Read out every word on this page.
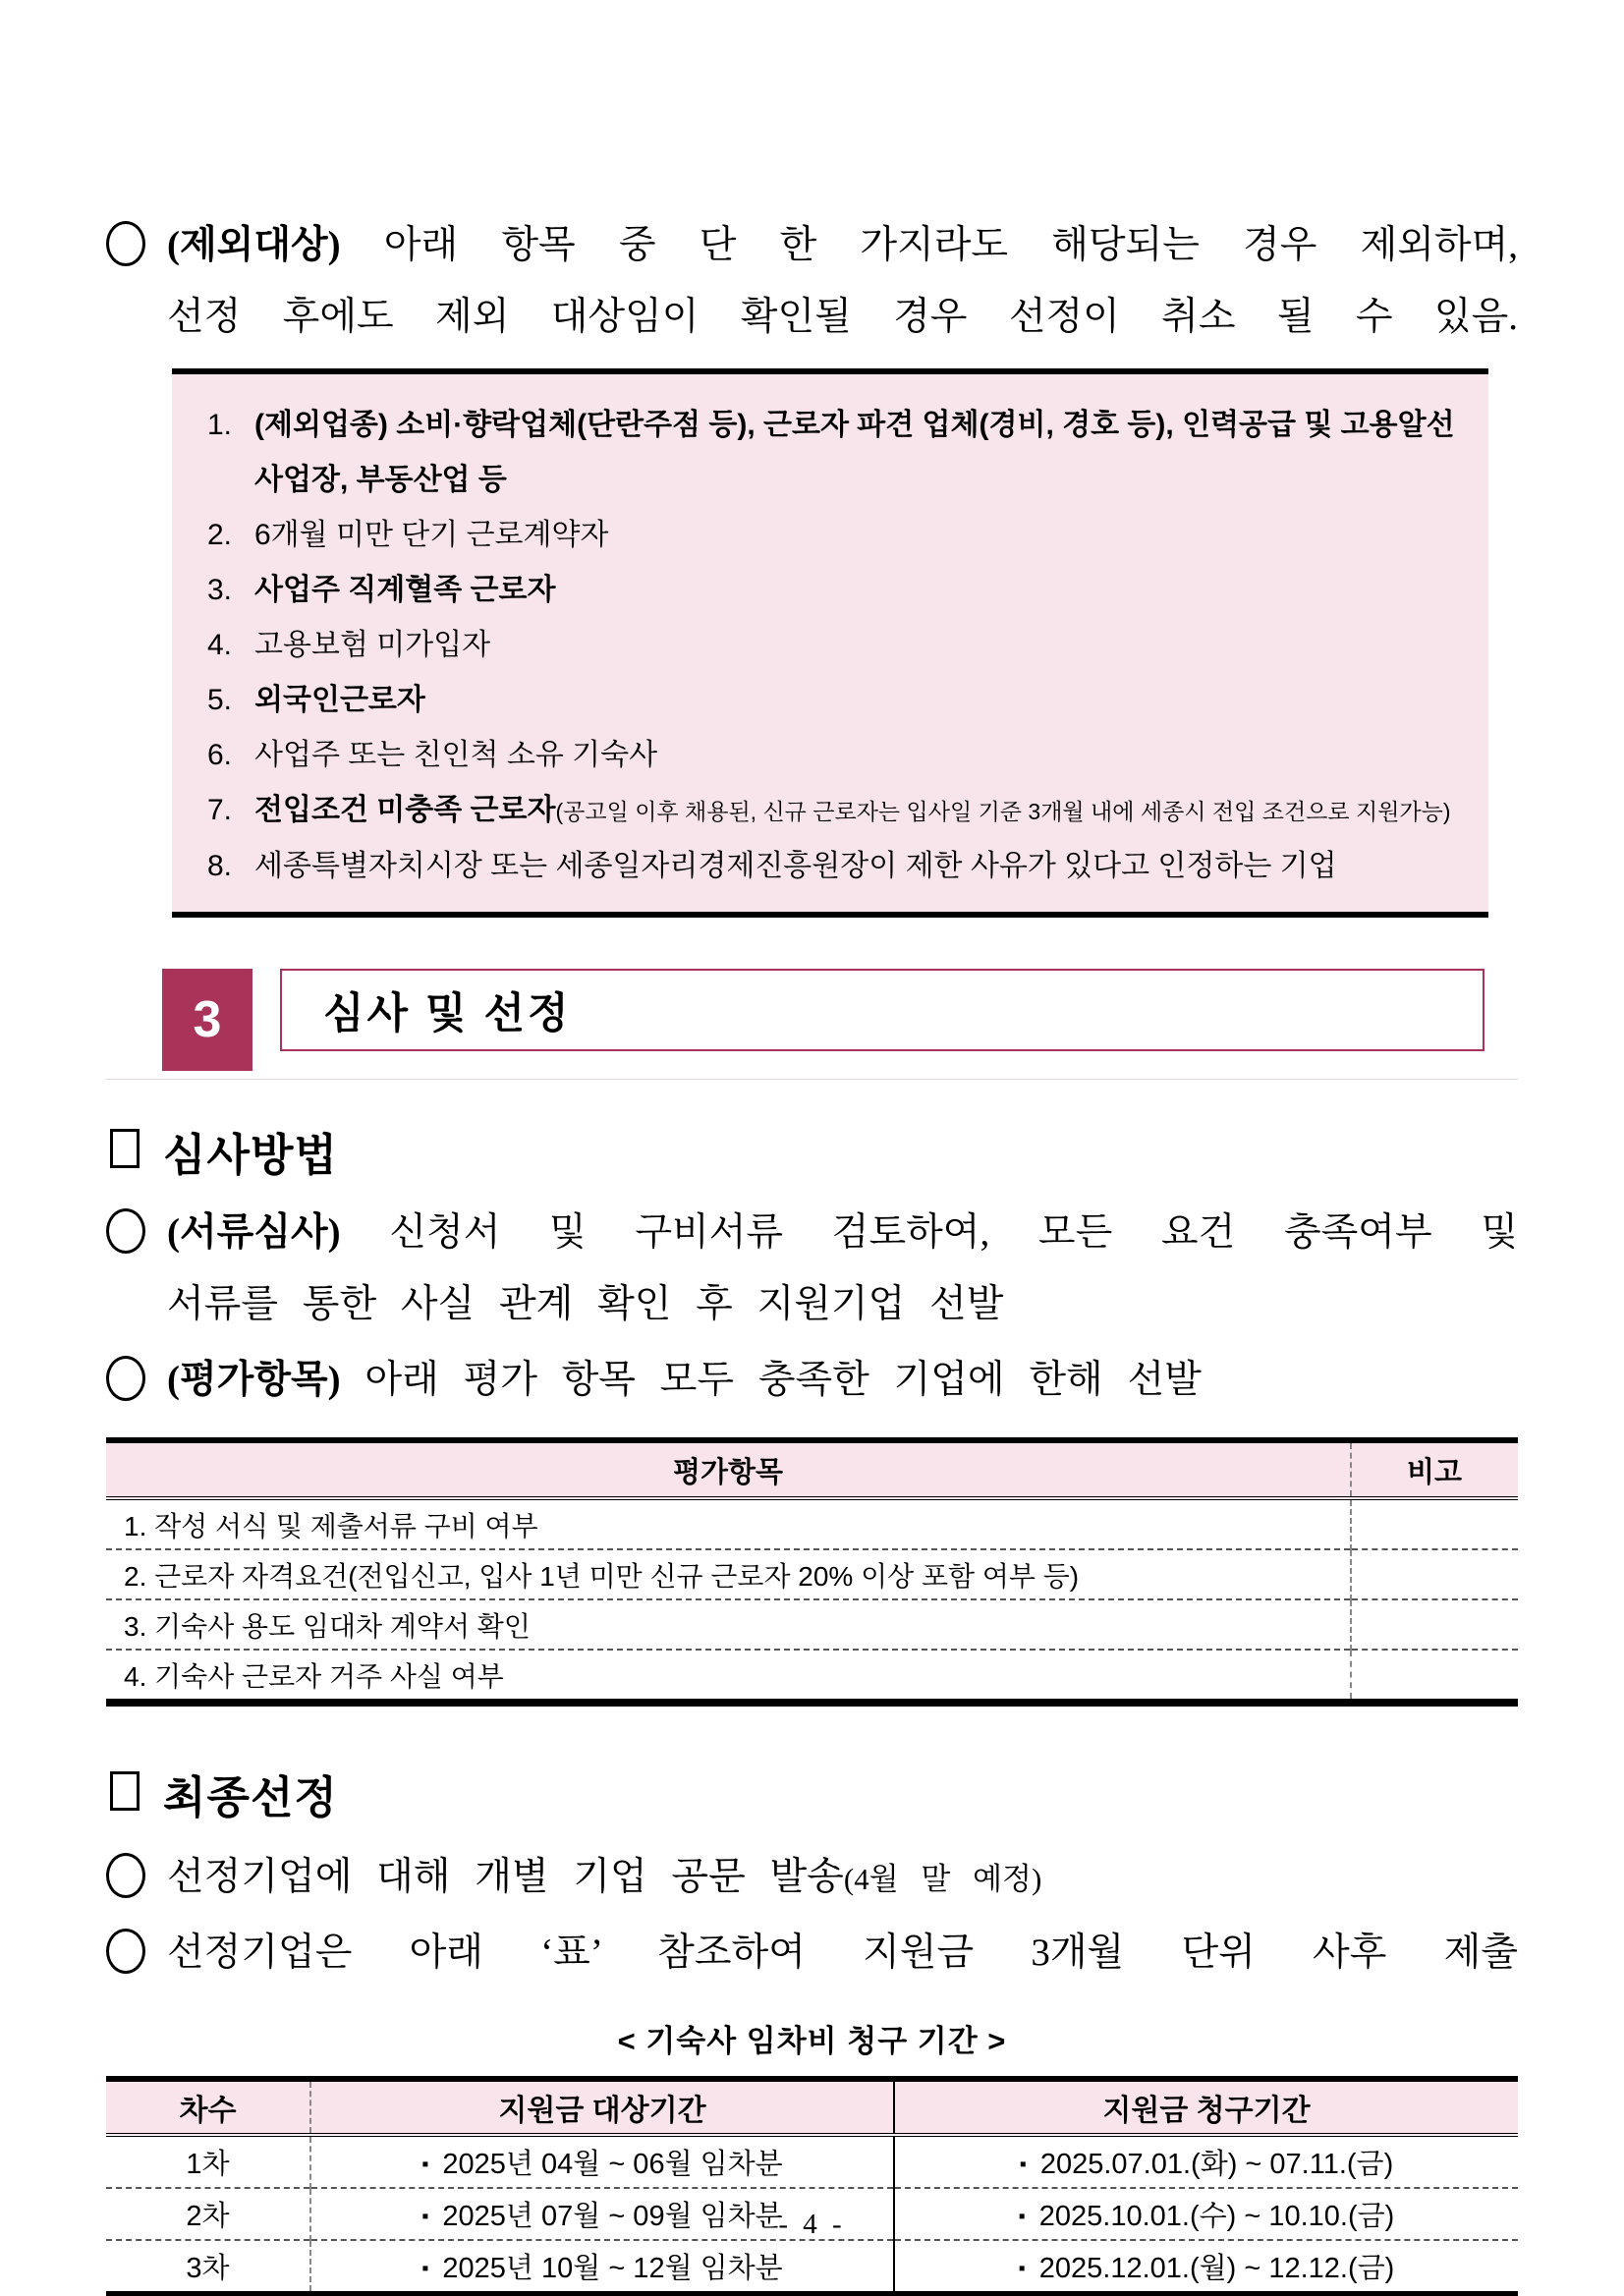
(제외대상) 아래 항목 중 단 한 가지라도 해당되는 경우 제외하며,
선정 후에도 제외 대상임이 확인될 경우 선정이 취소 될 수 있음.
1. (제외업종) 소비·향락업체(단란주점 등), 근로자 파견 업체(경비, 경호 등), 인력공급 및 고용알선 사업장, 부동산업 등
2. 6개월 미만 단기 근로계약자
3. 사업주 직계혈족 근로자
4. 고용보험 미가입자
5. 외국인근로자
6. 사업주 또는 친인척 소유 기숙사
7. 전입조건 미충족 근로자(공고일 이후 채용된, 신규 근로자는 입사일 기준 3개월 내에 세종시 전입 조건으로 지원가능)
8. 세종특별자치시장 또는 세종일자리경제진흥원장이 제한 사유가 있다고 인정하는 기업
3	심사 및 선정
심사방법
(서류심사) 신청서 및 구비서류 검토하여, 모든 요건 충족여부 및
서류를 통한 사실 관계 확인 후 지원기업 선발
(평가항목) 아래 평가 항목 모두 충족한 기업에 한해 선발
평가항목	비고
1. 작성 서식 및 제출서류 구비 여부	
2. 근로자 자격요건(전입신고, 입사 1년 미만 신규 근로자 20% 이상 포함 여부 등)	
3. 기숙사 용도 임대차 계약서 확인	
4. 기숙사 근로자 거주 사실 여부	
최종선정
선정기업에 대해 개별 기업 공문 발송(4월 말 예정)
선정기업은 아래 ‘표’ 참조하여 지원금 3개월 단위 사후 제출
< 기숙사 임차비 청구 기간 >
차수	지원금 대상기간	지원금 청구기간
1차	▪ 2025년 04월 ~ 06월 임차분	▪ 2025.07.01.(화) ~ 07.11.(금)
2차	▪ 2025년 07월 ~ 09월 임차분	▪ 2025.10.01.(수) ~ 10.10.(금)
3차	▪ 2025년 10월 ~ 12월 임차분	▪ 2025.12.01.(월) ~ 12.12.(금)
- 4 -
